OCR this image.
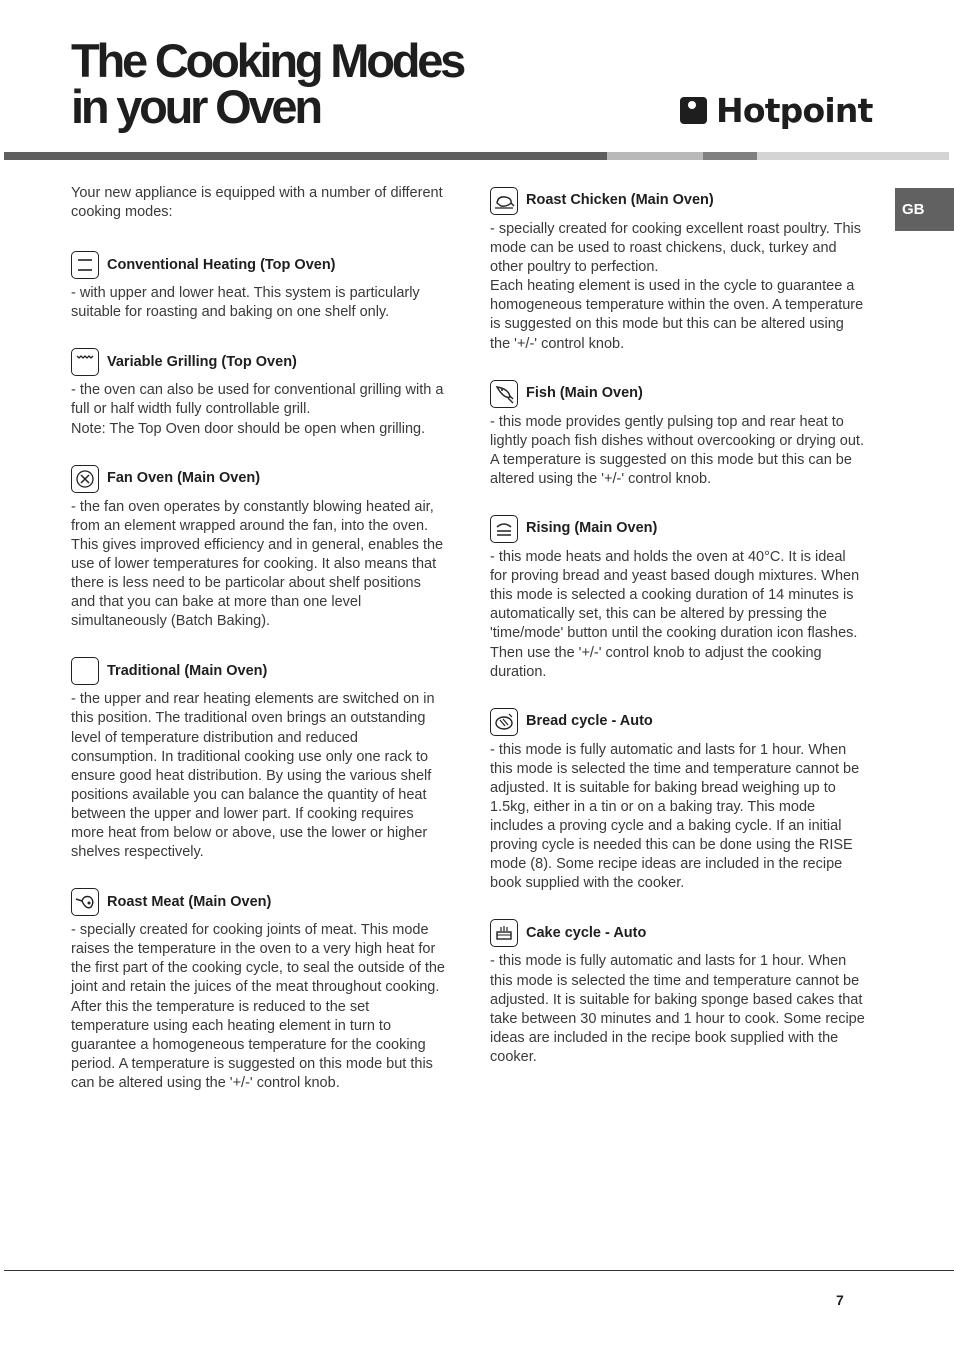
The Cooking Modes
in your Oven	Hotpoint
GB

Your new appliance is equipped with a number of different cooking modes:

Conventional Heating (Top Oven)

- with upper and lower heat. This system is particularly suitable for roasting and baking on one shelf only.

Variable Grilling (Top Oven)

- the oven can also be used for conventional grilling with a full or half width fully controllable grill.

Note: The Top Oven door should be open when grilling.

Fan Oven (Main Oven)

- the fan oven operates by constantly blowing heated air, from an element wrapped around the fan, into the oven. This gives improved efficiency and in general, enables the use of lower temperatures for cooking. It also means that there is less need to be particolar about shelf positions and that you can bake at more than one level simultaneously (Batch Baking).

Traditional (Main Oven)

- the upper and rear heating elements are switched on in this position. The traditional oven brings an outstanding level of temperature distribution and reduced consumption. In traditional cooking use only one rack to ensure good heat distribution. By using the various shelf positions available you can balance the quantity of heat between the upper and lower part. If cooking requires more heat from below or above, use the lower or higher shelves respectively.

Roast Meat (Main Oven)

- specially created for cooking joints of meat. This mode raises the temperature in the oven to a very high heat for the first part of the cooking cycle, to seal the outside of the joint and retain the juices of the meat throughout cooking. After this the temperature is reduced to the set temperature using each heating element in turn to guarantee a homogeneous temperature for the cooking period. A temperature is suggested on this mode but this can be altered using the '+/-' control knob.

Roast Chicken (Main Oven)

- specially created for cooking excellent roast poultry. This mode can be used to roast chickens, duck, turkey and other poultry to perfection.

Each heating element is used in the cycle to guarantee a homogeneous temperature within the oven. A temperature is suggested on this mode but this can be altered using the '+/-' control knob.

Fish (Main Oven)

- this mode provides gently pulsing top and rear heat to lightly poach fish dishes without overcooking or drying out. A temperature is suggested on this mode but this can be altered using the '+/-' control knob.

Rising (Main Oven)

- this mode heats and holds the oven at 40°C. It is ideal for proving bread and yeast based dough mixtures. When this mode is selected a cooking duration of 14 minutes is automatically set, this can be altered by pressing the 'time/mode' button until the cooking duration icon flashes. Then use the '+/-' control knob to adjust the cooking duration.

Bread cycle - Auto

- this mode is fully automatic and lasts for 1 hour. When this mode is selected the time and temperature cannot be adjusted. It is suitable for baking bread weighing up to 1.5kg, either in a tin or on a baking tray. This mode includes a proving cycle and a baking cycle. If an initial proving cycle is needed this can be done using the RISE mode (8). Some recipe ideas are included in the recipe book supplied with the cooker.

Cake cycle - Auto

- this mode is fully automatic and lasts for 1 hour. When this mode is selected the time and temperature cannot be adjusted. It is suitable for baking sponge based cakes that take between 30 minutes and 1 hour to cook. Some recipe ideas are included in the recipe book supplied with the cooker.

7
